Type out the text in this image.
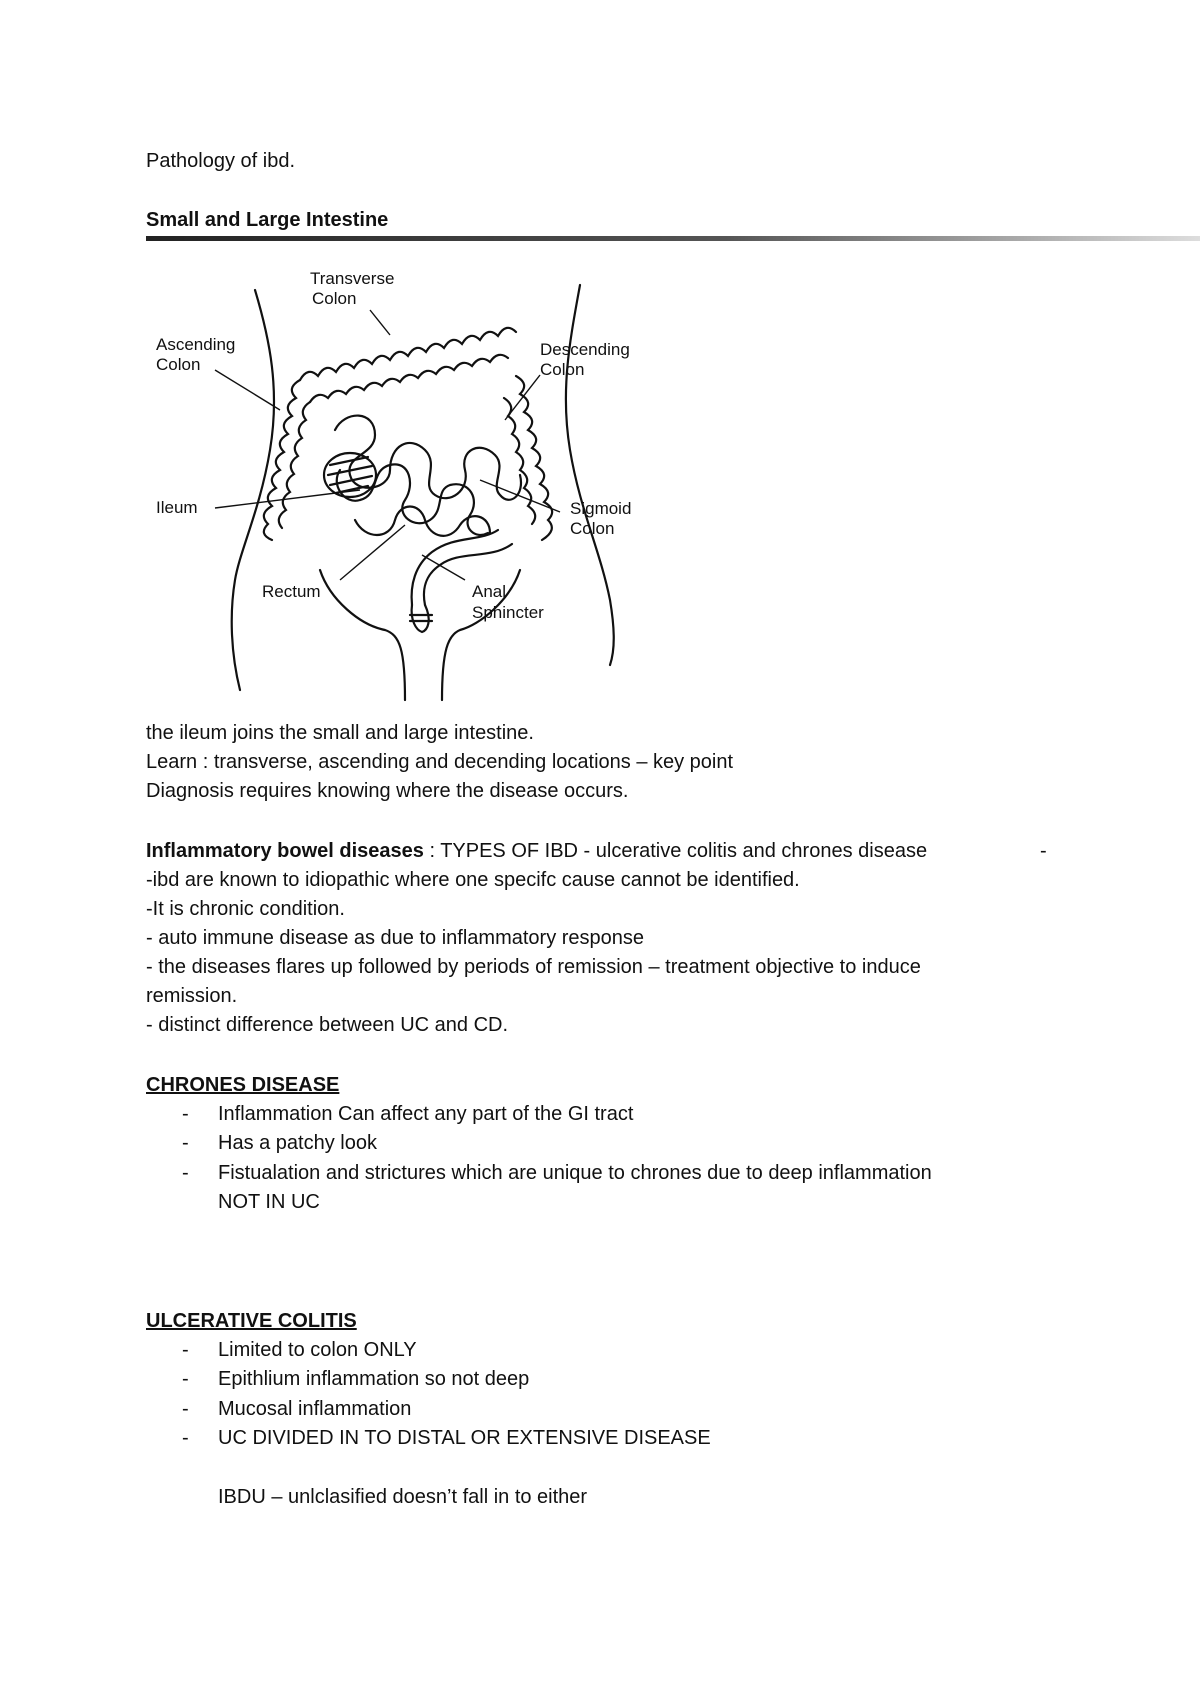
Pathology of ibd.
Small and Large Intestine
Transverse
Colon
Ascending
Colon
Descending
Colon
Ileum	Sigmoid
Colon
Rectum	Anal
Sphincter
the ileum joins the small and large intestine.
Learn : transverse, ascending and decending locations – key point
Diagnosis requires knowing where the disease occurs.
Inflammatory bowel diseases : TYPES OF IBD - ulcerative colitis and chrones disease	-
-ibd are known to idiopathic where one specifc cause cannot be identified.
-It is chronic condition.
- auto immune disease as due to inflammatory response
- the diseases flares up followed by periods of remission – treatment objective to induce
remission.
- distinct difference between UC and CD.
CHRONES DISEASE
- Inflammation Can affect any part of the GI tract
- Has a patchy look
- Fistualation and strictures which are unique to chrones due to deep inflammation
NOT IN UC
ULCERATIVE COLITIS
- Limited to colon ONLY
- Epithlium inflammation so not deep
- Mucosal inflammation
- UC DIVIDED IN TO DISTAL OR EXTENSIVE DISEASE
IBDU – unlclasified doesn’t fall in to either
